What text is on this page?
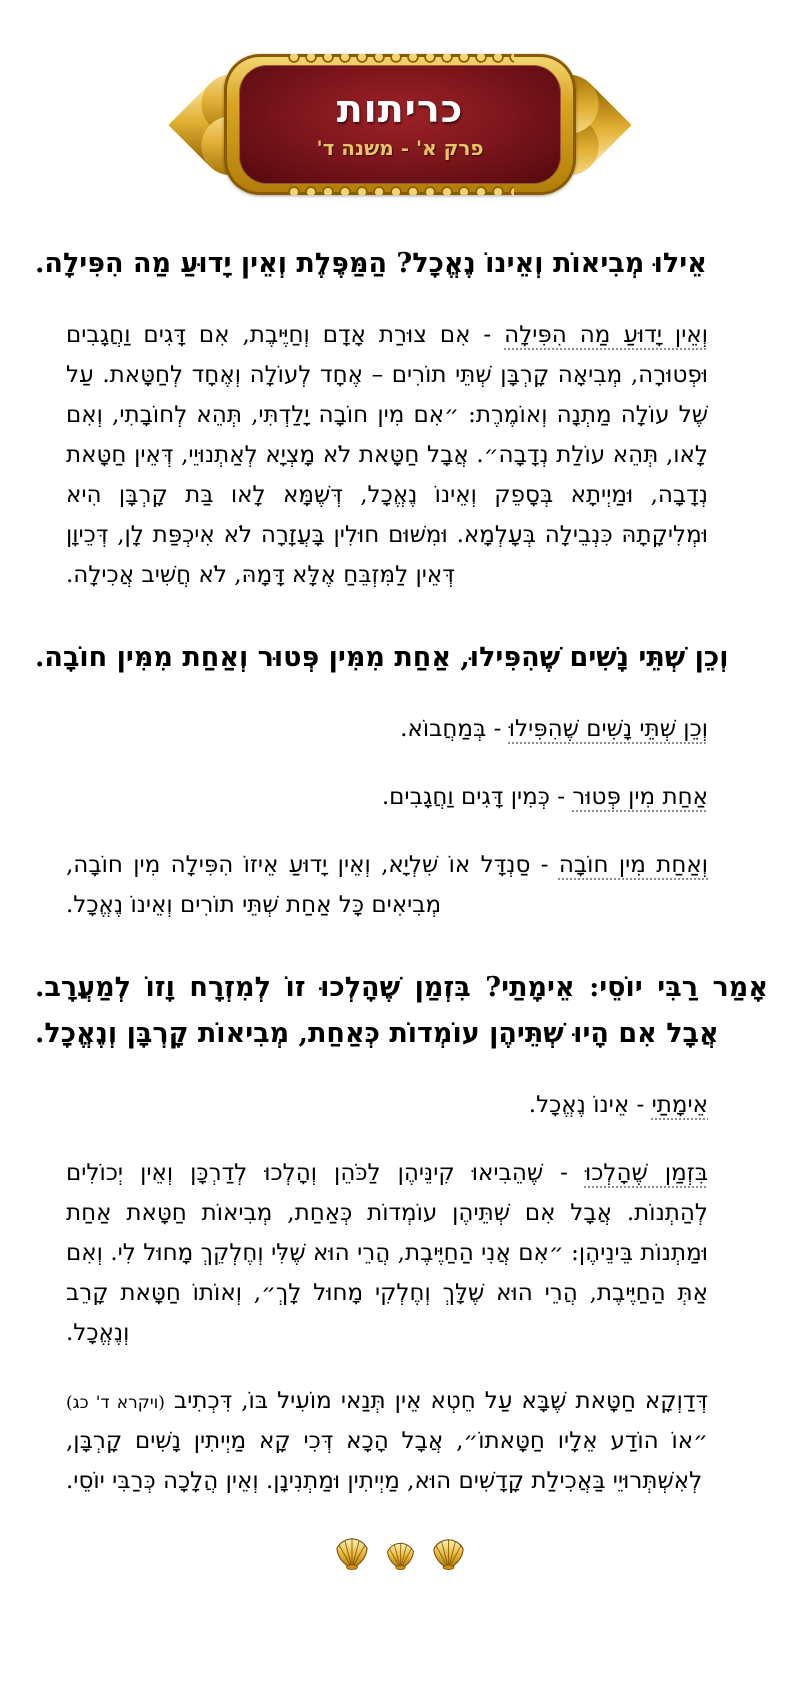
כריתות
פרק א' - משנה ד'

אֵילוּ מְבִיאוֹת וְאֵינוֹ נֶאֱכָל? הַמַּפֶּלֶת וְאֵין יָדוּעַ מַה הִפִּילָה.

וְאֵין יָדוּעַ מַה הִפִּילָה - אִם צוּרַת אָדָם וְחַיֶּיבֶת, אִם דָּגִים וַחֲגָבִים וּפְטוּרָה, מְבִיאָה קָרְבָּן שְׁתֵּי תוֹרִים – אֶחָד לְעוֹלָה וְאֶחָד לְחַטָּאת. עַל שֶׁל עוֹלָה מַתְנָה וְאוֹמֶרֶת: ״אִם מִין חוֹבָה יָלַדְתִּי, תְּהֵא לְחוֹבָתִי, וְאִם לָאו, תְּהֵא עוֹלַת נְדָבָה״. אֲבָל חַטָּאת לֹא מָצְיָא לְאַתְנוּיֵי, דְּאֵין חַטָּאת נְדָבָה, וּמַיְיתָא בְּסָפֵק וְאֵינוֹ נֶאֱכָל, דְּשֶׁמָּא לָאו בַּת קָרְבָּן הִיא וּמְלִיקָתָהּ כִּנְבֵילָה בְּעָלְמָא. וּמִשּׁוּם חוּלִין בָּעֲזָרָה לֹא אִיכְפַּת לָן, דְּכֵיוָן דְּאֵין לַמִּזְבֵּחַ אֶלָּא דָּמָהּ, לֹא חֲשִׁיב אֲכִילָה.

וְכֵן שְׁתֵּי נָשִׁים שֶׁהִפִּילוּ, אַחַת מִמִּין פְּטוּר וְאַחַת מִמִּין חוֹבָה.

וְכֵן שְׁתֵּי נָשִׁים שֶׁהִפִּילוּ - בְּמַחֲבוֹא.

אַחַת מִין פְּטוּר - כְּמִין דָּגִים וַחֲגָבִים.

וְאַחַת מִין חוֹבָה - סַנְדָּל אוֹ שִׁלְיָא, וְאֵין יָדוּעַ אֵיזוֹ הִפִּילָה מִין חוֹבָה, מְבִיאִים כָּל אַחַת שְׁתֵּי תוֹרִים וְאֵינוֹ נֶאֱכָל.

אָמַר רַבִּי יוֹסֵי: אֵימָתַי? בִּזְמַן שֶׁהָלְכוּ זוֹ לְמִזְרָח וָזוֹ לְמַעֲרָב. אֲבָל אִם הָיוּ שְׁתֵּיהֶן עוֹמְדוֹת כְּאַחַת, מְבִיאוֹת קָרְבָּן וְנֶאֱכָל.

אֵימָתַי - אֵינוֹ נֶאֱכָל.

בִּזְמַן שֶׁהָלְכוּ - שֶׁהֵבִיאוּ קִינֵּיהֶן לַכֹּהֵן וְהָלְכוּ לְדַרְכָּן וְאֵין יְכוֹלִים לְהַתְנוֹת. אֲבָל אִם שְׁתֵּיהֶן עוֹמְדוֹת כְּאַחַת, מְבִיאוֹת חַטָּאת אַחַת וּמַתְנוֹת בֵּינֵיהֶן: ״אִם אֲנִי הַחַיֶּיבֶת, הֲרֵי הוּא שֶׁלִּי וְחֶלְקֵךְ מָחוּל לִי. וְאִם אַתְּ הַחַיֶּיבֶת, הֲרֵי הוּא שֶׁלָּךְ וְחֶלְקִי מָחוּל לָךְ״, וְאוֹתוֹ חַטָּאת קָרֵב וְנֶאֱכָל.

דְּדַוְקָא חַטָּאת שֶׁבָּא עַל חֵטְא אֵין תְּנַאי מוֹעִיל בּוֹ, דִּכְתִיב (ויקרא ד' כג) ״אוֹ הוֹדַע אֵלָיו חַטָּאתוֹ״, אֲבָל הָכָא דְּכִי קָא מַיְיתִין נָשִׁים קָרְבָּן, לְאִשְׁתְּרוּיֵי בַּאֲכִילַת קָדָשִׁים הוּא, מַיְיתִין וּמַתְנִינָן. וְאֵין הֲלָכָה כְּרַבִּי יוֹסֵי.
